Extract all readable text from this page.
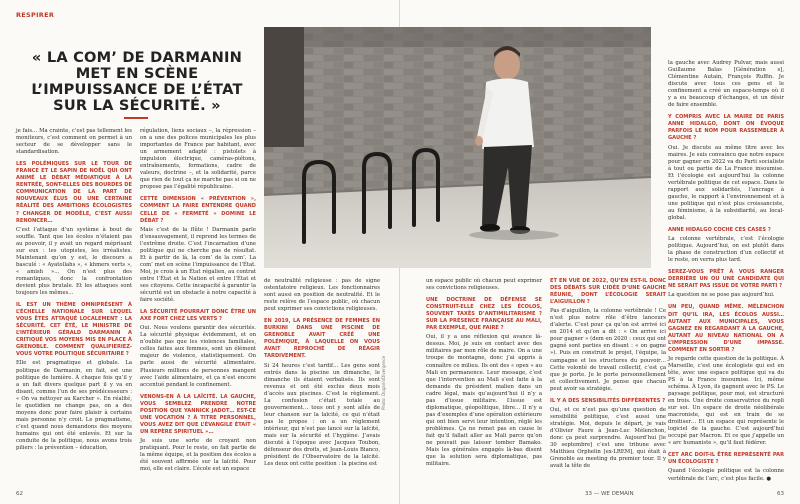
RESPIRER
« LA COM’ DE DARMANIN MET EN SCÈNE L’IMPUISSANCE DE L’ÉTAT SUR LA SÉCURITÉ. »

je fais… Ma crainte, c’est pas tellement les moniteurs, c’est comment on permet à un secteur de se développer sans le standardisation.

LES POLÉMIQUES SUR LE TOUR DE FRANCE ET LE SAPIN DE NOËL QUI ONT ANIMÉ LE DÉBAT MÉDIATIQUE À LA RENTRÉE, SONT-ELLES DES BOURDES DE COMMUNICATION DE LA PART DE NOUVEAUX ÉLUS OU UNE CERTAINE RÉALITÉ DES AMBITIONS ÉCOLOGISTES ? CHANGER DE MODÈLE, C’EST AUSSI RENONCER…

C’est l’attaque d’un système à bout de souffle. Tant que les écolos n’étaient pas au pouvoir, il y avait un regard méprisant sur eux : les utopistes, les irréalistes. Maintenant qu’on y est, le discours a basculé : « Ayatollahs », « khmers verts », « amish »… On n’est plus des romantiques, donc la confrontation devient plus brutale. Et les attaques sont toujours les mêmes…

IL EST UN THÈME OMNIPRÉSENT À L’ÉCHELLE NATIONALE SUR LEQUEL VOUS ÊTES ATTAQUÉ LOCALEMENT : LA SÉCURITÉ. CET ÉTÉ, LE MINISTRE DE L’INTÉRIEUR GÉRALD DARMANIN A CRITIQUÉ VOS MOYENS MIS EN PLACE À GRENOBLE. COMMENT QUALIFIERIEZ-VOUS VOTRE POLITIQUE SÉCURITAIRE ?

Elle est pragmatique et globale. La politique de Darmanin, en fait, est une politique de lumière. À chaque fois qu’il y a un fait divers quelque part il y va en disant, comme l’un de ses prédécesseurs : « On va nettoyer au Karcher ». En réalité, le quotidien ne change pas, on a des moyens donc pour faire plaisir à certains mais personne n’y croit. Le pragmatisme, c’est quand nous demandons des moyens humains qui ont été enlevés. Et sur la conduite de la politique, nous avons trois piliers : la prévention – éducation,

régulation, liens sociaux –, la répression – on a une des polices municipales les plus importantes de France par habitant, avec un armement adapté : pistolets à impulsion électrique, caméras-piétons, entraînements, formations, cadre de valeurs, doctrine –, et la solidarité, parce que rien de tout ça ne marche pas si on ne propose pas l’égalité républicaine.

CETTE DIMENSION « PRÉVENTION », COMMENT LA FAIRE ENTENDRE QUAND CELLE DE « FERMETÉ » DOMINE LE DÉBAT ?

Mais c’est de la flûte ! Darmanin parle d’ensauvagement, il reprend les termes de l’extrême droite. C’est l’incarnation d’une politique qui ne cherche pas de résultat. Et à partir de là, la com’ de la com’. La com’ met en scène l’impuissance de l’État. Moi, je crois à un État régalien, au contrat entre l’État et la Nation et entre l’État et ses citoyens. Cette incapacité à garantir la sécurité est un obstacle à notre capacité à faire société.

LA SÉCURITÉ POURRAIT DONC ÊTRE UN AXE FORT CHEZ LES VERTS ?

Oui. Nous voulons garantir des sécurités. La sécurité physique évidemment, et on n’oublie pas que les violences familiales, celles faites aux femmes, sont un élément majeur de violence, statistiquement. On parle aussi de sécurité alimentaire. Plusieurs millions de personnes mangent avec l’aide alimentaire, et ça n’est encore accentué pendant le confinement.

VENONS-EN À LA LAÏCITÉ. LA GAUCHE, VOUS SEMBLEZ PRENDRE NOTRE POSITION QUE YANNICK JADOT… EST-CE UNE VOCATION ? À TITRE PERSONNEL, VOUS AVEZ DIT QUE L’ÉVANGILE ÉTAIT « UN REPÈRE SPIRITUEL »…

Je suis une sorte de croyant non pratiquant. Pour le reste, on fait partie de la même équipe, et la position des écolos a été souvent affirmée sur la laïcité. Pour moi, elle est claire. L’école est un espace

de neutralité religieuse : pas de signe ostentatoire religieux. Les fonctionnaires sont aussi en position de neutralité. Et le reste relève de l’espace public, où chacun peut exprimer ses convictions religieuses.

EN 2019, LA PRÉSENCE DE FEMMES EN BURKINI DANS UNE PISCINE DE GRENOBLE AVAIT CRÉÉ UNE POLÉMIQUE, À LAQUELLE ON VOUS AVAIT REPROCHÉ DE RÉAGIR TARDIVEMENT.

Si 24 heures c’est tardif… Les gens sont entrés dans la piscine un dimanche, le dimanche ils étaient verbalisés. Ils sont revenus et ont été exclus deux mois d’accès aux piscines. C’est le règlement. La confusion c’était totale au gouvernement… tous ont y sont allés de leur chanson sur la laïcité, ce qui n’était pas le propos : on a un règlement intérieur, qui n’est pas lancé sur la laïcité, mais sur la sécurité et l’hygiène. J’avais discuté à l’époque avec Jacques Toubon, défenseur des droits, et Jean-Louis Bianco, président de l’Observatoire de la laïcité. Les deux ont cette position : la piscine est

Photo: Dugarin/Divergence
62

un espace public où chacun peut exprimer ses convictions religieuses.

UNE DOCTRINE DE DÉFENSE SE CONSTRUIT-ELLE CHEZ LES ÉCOLOS, SOUVENT TAXÉS D’ANTIMILITARISME ? SUR LA PRÉSENCE FRANÇAISE AU MALI, PAR EXEMPLE, QUE FAIRE ?

Oui, il y a une réflexion qui avance là-dessus. Moi, je suis en contact avec des militaires par mon rôle de maire. On a une troupe de montagne, donc j’ai appris à connaître ce milieu. Ils ont des « opex » au Mali en permanence. Leur message, c’est que l’intervention au Mali s’est faite à la demande du président malien dans un cadre légal, mais qu’aujourd’hui il n’y a pas d’issue militaire. L’issue est diplomatique, géopolitique, libre… Il n’y a pas d’exemples d’une opération extérieure qui ont bien servi leur intention, réglé les problèmes. Ça ne remet pas en cause le fait qu’il fallait aller au Mali parce qu’on ne pouvait pas laisser tomber Bamako. Mais les générales engagés là-bas disent que la solution sera diplomatique, pas militaire.

ET EN VUE DE 2022, QU’EN EST-IL DONC DES DÉBATS SUR L’IDÉE D’UNE GAUCHE RÉUNIE, DONT L’ÉCOLOGIE SERAIT L’AIGUILLON ?

Pas d’aiguillon, la colonne vertébrale ! Ce n’est plus notre rôle d’être lanceurs d’alerte. C’est pour ça qu’on est arrivé ici en 2014 et qu’on a dit : « On arrive ici pour gagner » (dem en 2020 : ceux qui ont gagné sont parties en disant : « on gagne »). Puis en construit le projet, l’équipe, la campagne et les structures du pouvoir… Cette volonté de travail collectif, c’est ça que je porte. Je le porte personnellement et collectivement. Je pense que chacun peut avoir sa stratégie.

IL Y A DES SENSIBILITÉS DIFFÉRENTES ?

Oui, et ce n’est pas qu’une question de sensibilité politique, c’est aussi une stratégie. Moi, depuis le départ, je vais d’Olivier Faure à Jean-Luc Mélenchon, donc ça peut surprendre. Aujourd’hui [le 30 septembre] c’est une tribune avec Matthieu Orphelin [ex-LREM], qui était à Grenoble au meeting du premier tour. Il y avait la tête de

la gauche avec Audrey Pulvar, mais aussi Guillaume Balas [Génération s], Clémentine Autain, François Ruffin. Je discute avec tous ces gens et le confinement a créé un espace-temps où il y a eu beaucoup d’échanges, et un désir de faire ensemble.

Y COMPRIS AVEC LA MAIRE DE PARIS ANNE HIDALGO, DONT ON ÉVOQUE PARFOIS LE NOM POUR RASSEMBLER À GAUCHE ?

Oui. Je discute au même titre avec les maires. Je suis convaincu que notre espace pour gagner en 2022 va du Parti socialiste à tout ou partie de La France insoumise. Et l’écologie est aujourd’hui la colonne vertébrale politique de cet espace. Dans le rapport aux solidarités, l’ancrage à gauche, le rapport à l’environnement et à une politique qui n’est plus croissanciste, au féminisme, à la subsidiarité, au local-global.

ANNE HIDALGO COCHE CES CASES ?

La colonne vertébrale, c’est l’écologie politique. Aujourd’hui, on est plutôt dans la phase de construction d’un collectif et le reste, on verra plus tard.

SEREZ-VOUS PRÊT À VOUS RANGER DERRIÈRE UN OU UNE CANDIDATE QUI NE SERAIT PAS ISSUE DE VOTRE PARTI ?

La question ne se pose pas aujourd’hui.

UN PEU, QUAND MÊME. MÉLENCHON DIT QU’IL IRA, LES ÉCOLOS AUSSI… AUTANT AUX MUNICIPALES, VOUS GAGNEZ EN REGARDANT À LA GAUCHE, AUTANT AU NIVEAU NATIONAL ON A L’IMPRESSION D’UNE IMPASSE. COMMENT EN SORTIR ?

Je regarde cette question de la politique. À Marseille, c’est une écologiste qui est en tête, avec une espace politique qui va du PS à la France insoumise. Ici, même schéma. À Lyon, ils gagnent avec le PS. Le paysage politique, pour moi, est structuré en trois. Une droite conservatrice du repli sur soi. Un espace de droite néolibérale macroniste, qui est en train de se droitiser… Et un espace qui représente le logiciel de la gauche. C’est aujourd’hui occupé par Macron. Et ce que j’appelle un « arc humaniste », qu’il faut fédérer.

CET ARC DOIT-IL ÊTRE REPRÉSENTÉ PAR UN ÉCOLOGISTE ?

Quand l’écologie politique est la colonne vertébrale de l’arc, c’est plus facile. ●

33 — WE DEMAIN	63
